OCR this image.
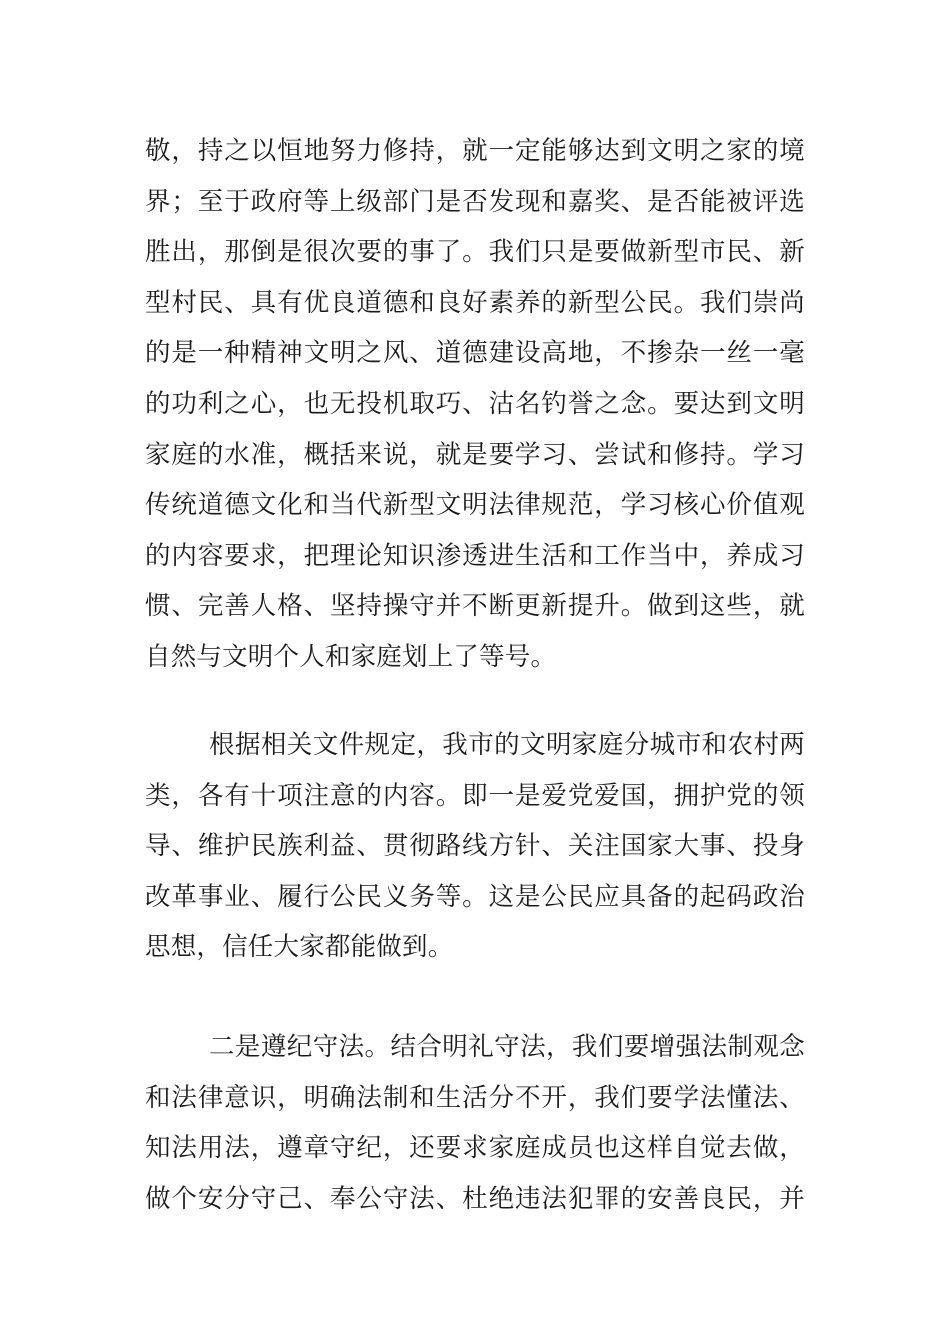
敬，持之以恒地努力修持，就一定能够达到文明之家的境
界；至于政府等上级部门是否发现和嘉奖、是否能被评选
胜出，那倒是很次要的事了。我们只是要做新型市民、新
型村民、具有优良道德和良好素养的新型公民。我们崇尚
的是一种精神文明之风、道德建设高地，不掺杂一丝一毫
的功利之心，也无投机取巧、沽名钓誉之念。要达到文明
家庭的水准，概括来说，就是要学习、尝试和修持。学习
传统道德文化和当代新型文明法律规范，学习核心价值观
的内容要求，把理论知识渗透进生活和工作当中，养成习
惯、完善人格、坚持操守并不断更新提升。做到这些，就
自然与文明个人和家庭划上了等号。
根据相关文件规定，我市的文明家庭分城市和农村两
类，各有十项注意的内容。即一是爱党爱国，拥护党的领
导、维护民族利益、贯彻路线方针、关注国家大事、投身
改革事业、履行公民义务等。这是公民应具备的起码政治
思想，信任大家都能做到。
二是遵纪守法。结合明礼守法，我们要增强法制观念
和法律意识，明确法制和生活分不开，我们要学法懂法、
知法用法，遵章守纪，还要求家庭成员也这样自觉去做，
做个安分守己、奉公守法、杜绝违法犯罪的安善良民，并
